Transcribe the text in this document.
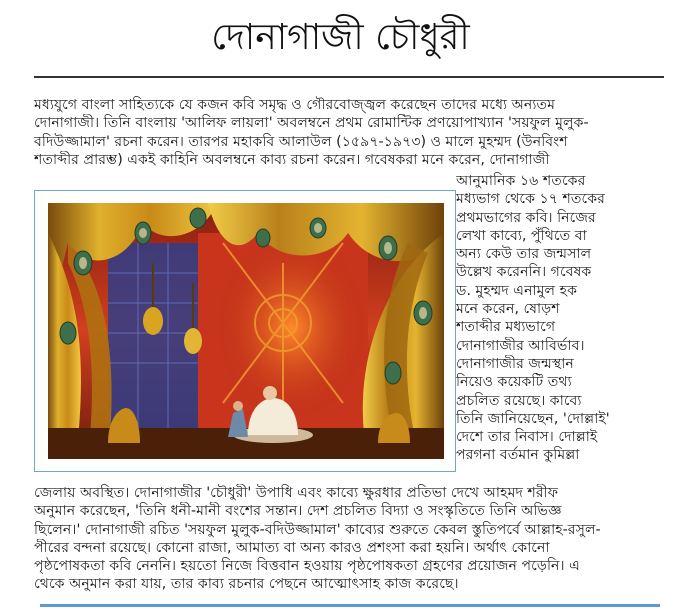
দোনাগাজী চৌধুরী
মধ্যযুগে বাংলা সাহিত্যকে যে কজন কবি সমৃদ্ধ ও গৌরবোজ্জ্বল করেছেন তাদের মধ্যে অন্যতম
দোনাগাজী। তিনি বাংলায় 'আলিফ লায়লা' অবলম্বনে প্রথম রোমান্টিক প্রণয়োপাখ্যান 'সয়ফুল মুলুক-
বদিউজ্জামাল' রচনা করেন। তারপর মহাকবি আলাউল (১৫৯৭-১৯৭৩) ও মালে মুহম্মদ (উনবিংশ
শতাব্দীর প্রারম্ভ) একই কাহিনি অবলম্বনে কাব্য রচনা করেন। গবেষকরা মনে করেন, দোনাগাজী
আনুমানিক ১৬ শতকের
মধ্যভাগ থেকে ১৭ শতকের
প্রথমভাগের কবি। নিজের
লেখা কাব্যে, পুঁথিতে বা
অন্য কেউ তার জন্মসাল
উল্লেখ করেননি। গবেষক
ড. মুহম্মদ এনামুল হক
মনে করেন, ষোড়শ
শতাব্দীর মধ্যভাগে
দোনাগাজীর আবির্ভাব।
দোনাগাজীর জন্মস্থান
নিয়েও কয়েকটি তথ্য
প্রচলিত রয়েছে। কাব্যে
তিনি জানিয়েছেন, 'দোল্লাই'
দেশে তার নিবাস। দোল্লাই
পরগনা বর্তমান কুমিল্লা
জেলায় অবস্থিত। দোনাগাজীর 'চৌধুরী' উপাধি এবং কাব্যে ক্ষুরধার প্রতিভা দেখে আহমদ শরীফ
অনুমান করেছেন, 'তিনি ধনী-মানী বংশের সন্তান। দেশ প্রচলিত বিদ্যা ও সংস্কৃতিতে তিনি অভিজ্ঞ
ছিলেন।' দোনাগাজী রচিত 'সয়ফুল মুলুক-বদিউজ্জামাল' কাব্যের শুরুতে কেবল স্তুতিপর্বে আল্লাহ-রসুল-
পীরের বন্দনা রয়েছে। কোনো রাজা, আমাত্য বা অন্য কারও প্রশংসা করা হয়নি। অর্থাৎ কোনো
পৃষ্ঠপোষকতা কবি নেননি। হয়তো নিজে বিত্তবান হওয়ায় পৃষ্ঠপোষকতা গ্রহণের প্রয়োজন পড়েনি। এ
থেকে অনুমান করা যায়, তার কাব্য রচনার পেছনে আত্মোৎসাহ কাজ করেছে।
